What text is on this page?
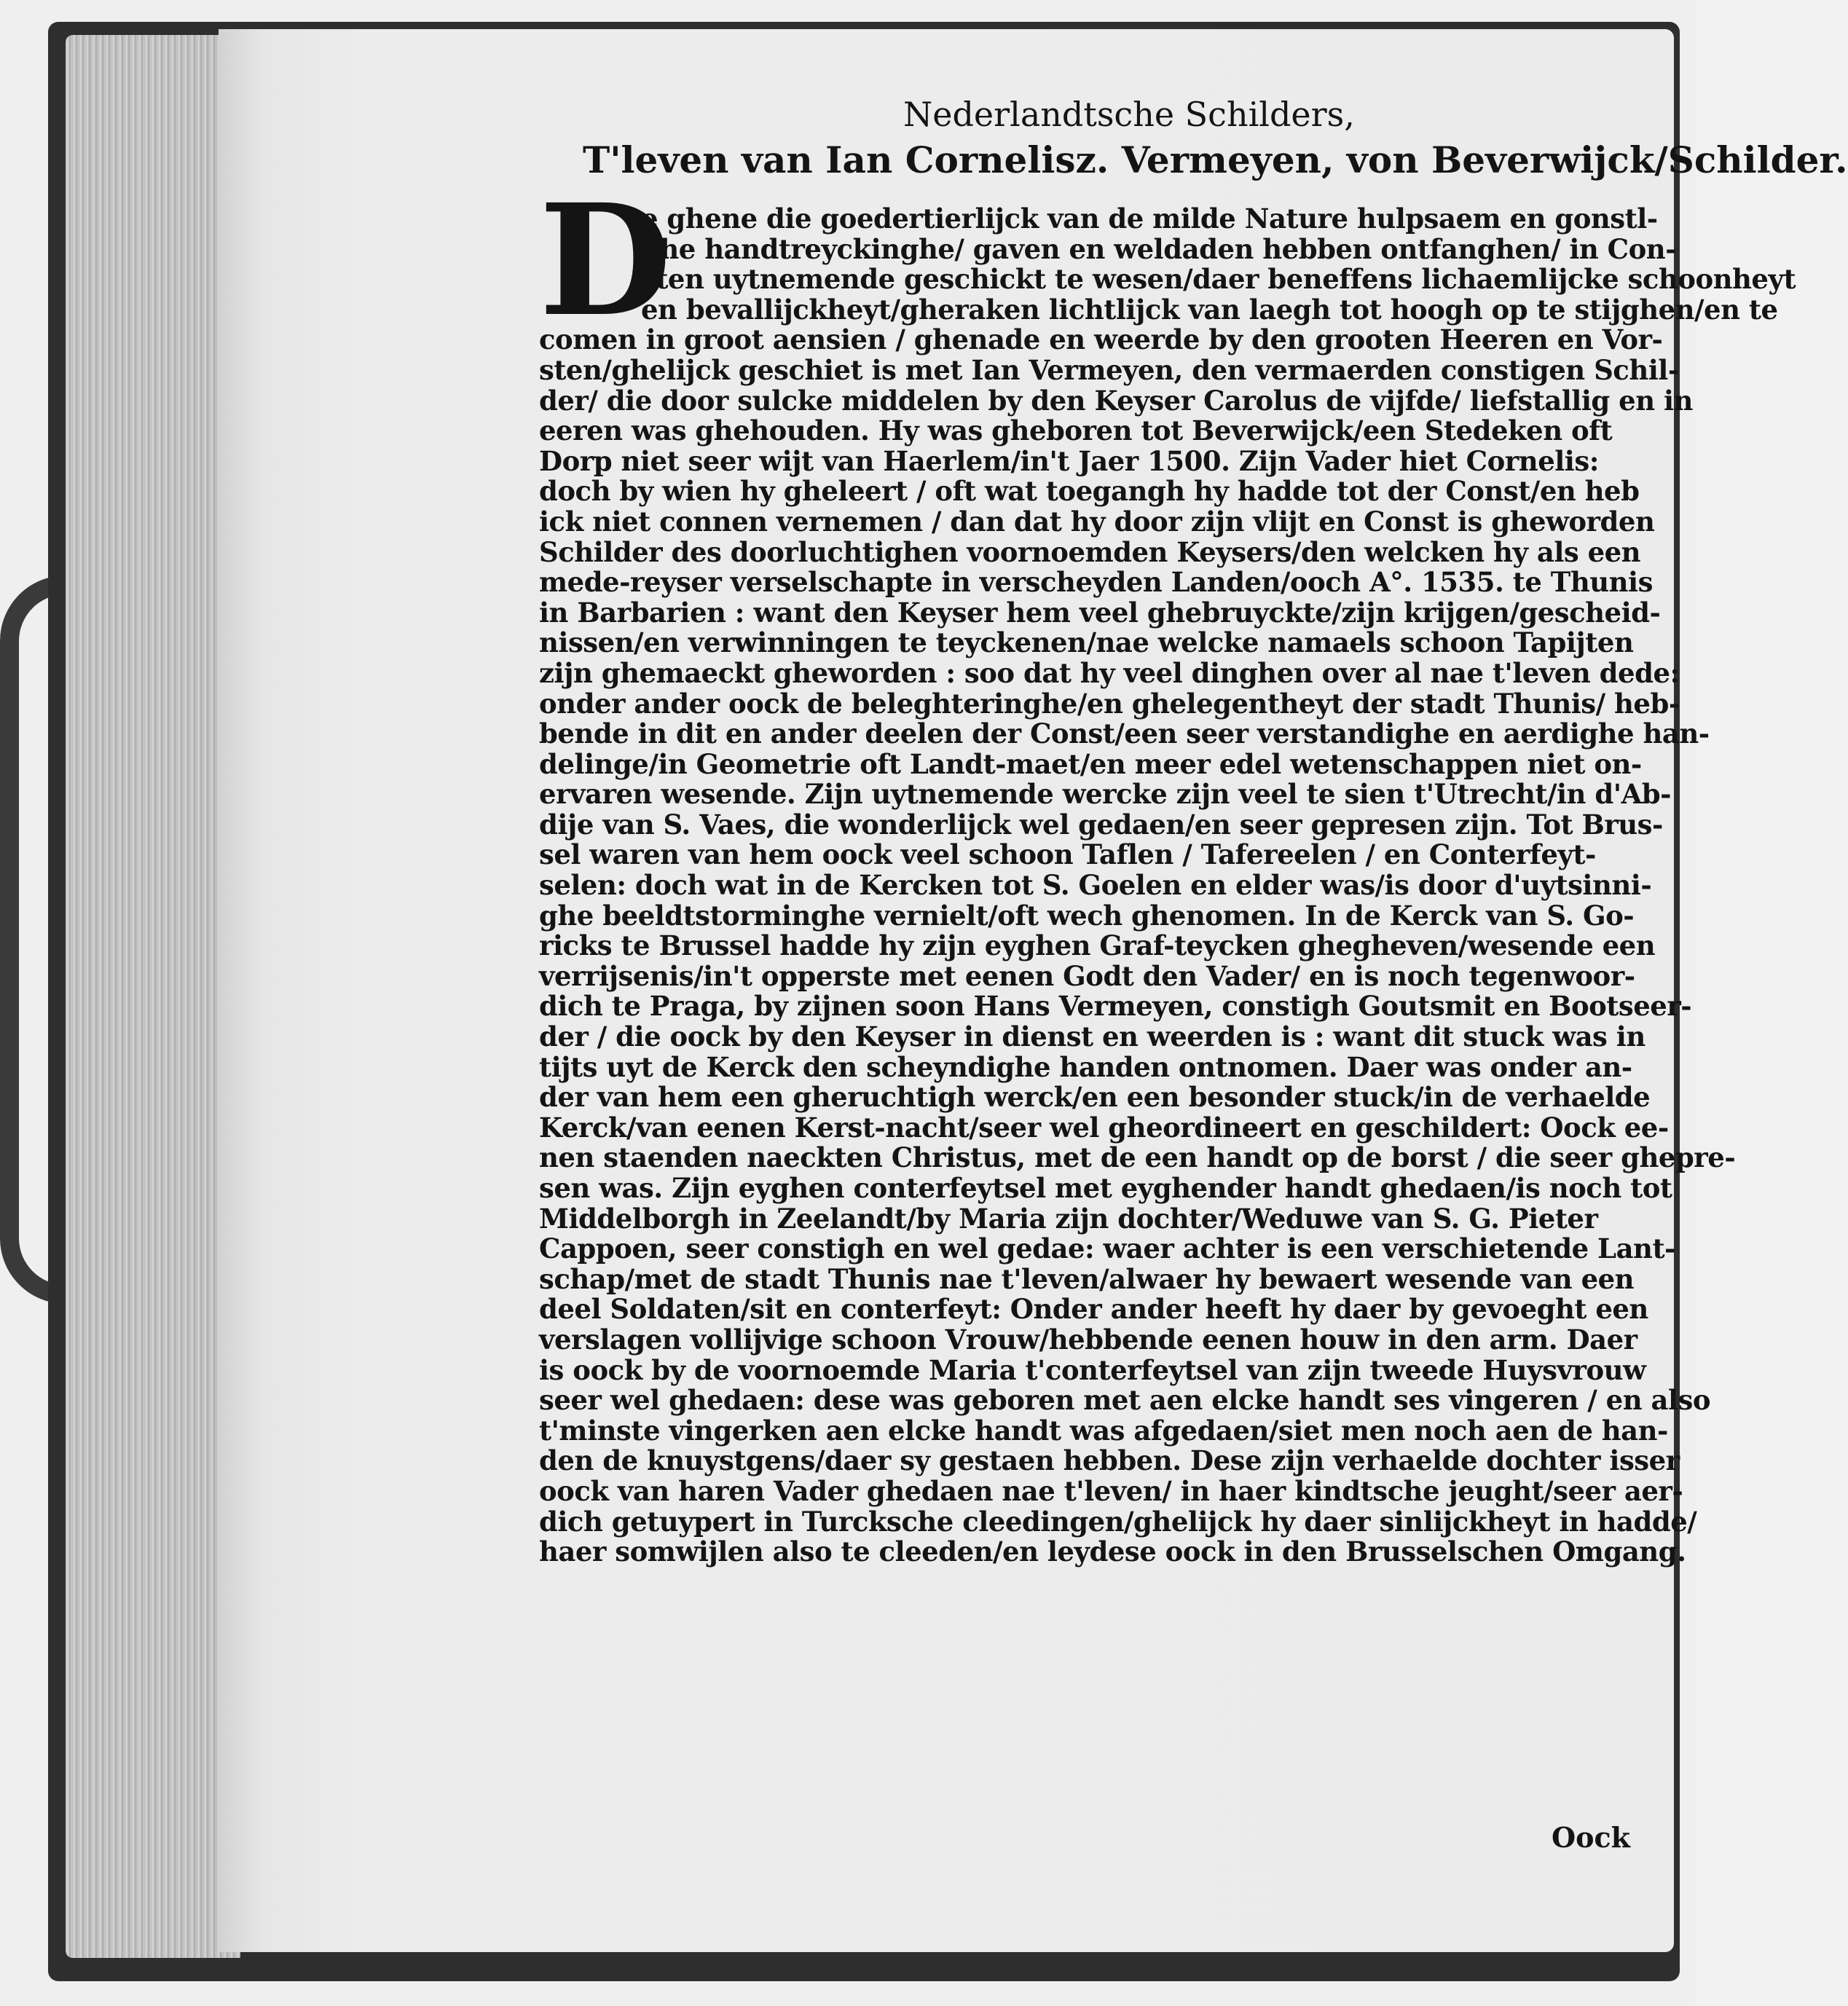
Nederlandtsche Schilders,
T'leven van Ian Cornelisz. Vermeyen, von Beverwijck/Schilder.
D
e ghene die goedertierlijck van de milde Nature hulpsaem en gonstl-
ghe handtreyckinghe/ gaven en weldaden hebben ontfanghen/ in Con-
sten uytnemende geschickt te wesen/daer beneffens lichaemlijcke schoonheyt
en bevallijckheyt/gheraken lichtlijck van laegh tot hoogh op te stijghen/en te
comen in groot aensien / ghenade en weerde by den grooten Heeren en Vor-
sten/ghelijck geschiet is met Ian Vermeyen, den vermaerden constigen Schil-
der/ die door sulcke middelen by den Keyser Carolus de vijfde/ liefstallig en in
eeren was ghehouden. Hy was gheboren tot Beverwijck/een Stedeken oft
Dorp niet seer wijt van Haerlem/in't Jaer 1500. Zijn Vader hiet Cornelis:
doch by wien hy gheleert / oft wat toegangh hy hadde tot der Const/en heb
ick niet connen vernemen / dan dat hy door zijn vlijt en Const is gheworden
Schilder des doorluchtighen voornoemden Keysers/den welcken hy als een
mede-reyser verselschapte in verscheyden Landen/ooch A°. 1535. te Thunis
in Barbarien : want den Keyser hem veel ghebruyckte/zijn krijgen/gescheid-
nissen/en verwinningen te teyckenen/nae welcke namaels schoon Tapijten
zijn ghemaeckt gheworden : soo dat hy veel dinghen over al nae t'leven dede:
onder ander oock de beleghteringhe/en ghelegentheyt der stadt Thunis/ heb-
bende in dit en ander deelen der Const/een seer verstandighe en aerdighe han-
delinge/in Geometrie oft Landt-maet/en meer edel wetenschappen niet on-
ervaren wesende. Zijn uytnemende wercke zijn veel te sien t'Utrecht/in d'Ab-
dije van S. Vaes, die wonderlijck wel gedaen/en seer gepresen zijn. Tot Brus-
sel waren van hem oock veel schoon Taflen / Tafereelen / en Conterfeyt-
selen: doch wat in de Kercken tot S. Goelen en elder was/is door d'uytsinni-
ghe beeldtstorminghe vernielt/oft wech ghenomen. In de Kerck van S. Go-
ricks te Brussel hadde hy zijn eyghen Graf-teycken ghegheven/wesende een
verrijsenis/in't opperste met eenen Godt den Vader/ en is noch tegenwoor-
dich te Praga, by zijnen soon Hans Vermeyen, constigh Goutsmit en Bootseer-
der / die oock by den Keyser in dienst en weerden is : want dit stuck was in
tijts uyt de Kerck den scheyndighe handen ontnomen. Daer was onder an-
der van hem een gheruchtigh werck/en een besonder stuck/in de verhaelde
Kerck/van eenen Kerst-nacht/seer wel gheordineert en geschildert: Oock ee-
nen staenden naeckten Christus, met de een handt op de borst / die seer ghepre-
sen was. Zijn eyghen conterfeytsel met eyghender handt ghedaen/is noch tot
Middelborgh in Zeelandt/by Maria zijn dochter/Weduwe van S. G. Pieter
Cappoen, seer constigh en wel gedae: waer achter is een verschietende Lant-
schap/met de stadt Thunis nae t'leven/alwaer hy bewaert wesende van een
deel Soldaten/sit en conterfeyt: Onder ander heeft hy daer by gevoeght een
verslagen vollijvige schoon Vrouw/hebbende eenen houw in den arm. Daer
is oock by de voornoemde Maria t'conterfeytsel van zijn tweede Huysvrouw
seer wel ghedaen: dese was geboren met aen elcke handt ses vingeren / en also
t'minste vingerken aen elcke handt was afgedaen/siet men noch aen de han-
den de knuystgens/daer sy gestaen hebben. Dese zijn verhaelde dochter isser
oock van haren Vader ghedaen nae t'leven/ in haer kindtsche jeught/seer aer-
dich getuypert in Turcksche cleedingen/ghelijck hy daer sinlijckheyt in hadde/
haer somwijlen also te cleeden/en leydese oock in den Brusselschen Omgang.
Oock
